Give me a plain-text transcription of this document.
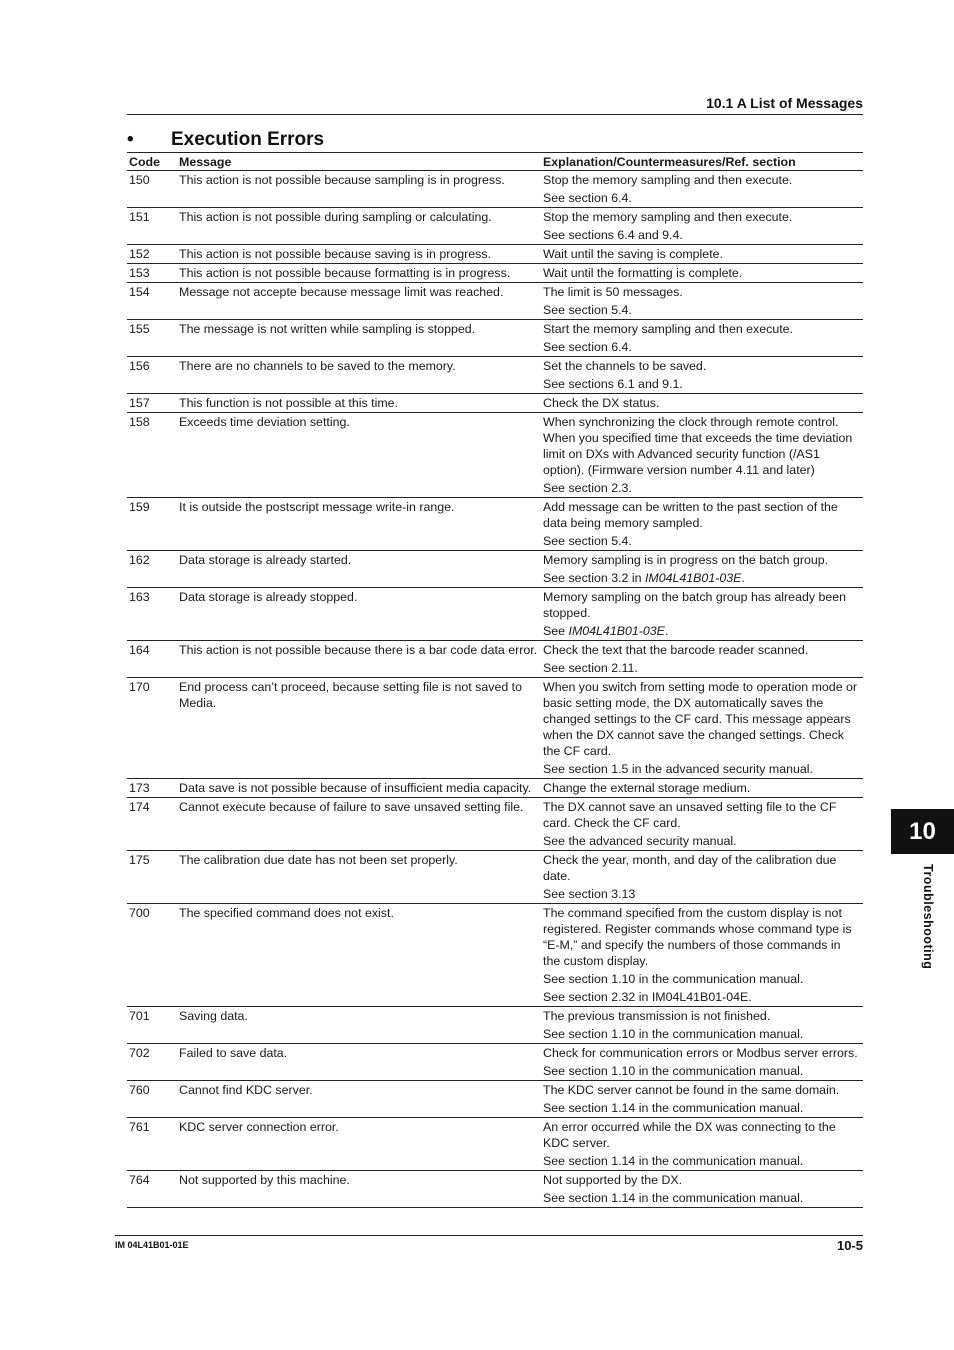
10.1 A List of Messages
• Execution Errors
Code	Message	Explanation/Countermeasures/Ref. section
150	This action is not possible because sampling is in progress.	Stop the memory sampling and then execute.
See section 6.4.

151	This action is not possible during sampling or calculating.	Stop the memory sampling and then execute.
See sections 6.4 and 9.4.

152	This action is not possible because saving is in progress.	Wait until the saving is complete.

153	This action is not possible because formatting is in progress.	Wait until the formatting is complete.

154	Message not accepte because message limit was reached.	The limit is 50 messages.
See section 5.4.

155	The message is not written while sampling is stopped.	Start the memory sampling and then execute.
See section 6.4.

156	There are no channels to be saved to the memory.	Set the channels to be saved.
See sections 6.1 and 9.1.

157	This function is not possible at this time.	Check the DX status.

158	Exceeds time deviation setting.	When synchronizing the clock through remote control. When you specified time that exceeds the time deviation limit on DXs with Advanced security function (/AS1 option). (Firmware version number 4.11 and later)
See section 2.3.

159	It is outside the postscript message write-in range.	Add message can be written to the past section of the data being memory sampled.
See section 5.4.

162	Data storage is already started.	Memory sampling is in progress on the batch group.
See section 3.2 in IM04L41B01-03E.

163	Data storage is already stopped.	Memory sampling on the batch group has already been stopped.
See IM04L41B01-03E.

164	This action is not possible because there is a bar code data error.	Check the text that the barcode reader scanned.
See section 2.11.

170	End process can’t proceed, because setting file is not saved to Media.	When you switch from setting mode to operation mode or basic setting mode, the DX automatically saves the changed settings to the CF card. This message appears when the DX cannot save the changed settings. Check the CF card.
See section 1.5 in the advanced security manual.

173	Data save is not possible because of insufficient media capacity.	Change the external storage medium.

174	Cannot execute because of failure to save unsaved setting file.	The DX cannot save an unsaved setting file to the CF card. Check the CF card.
See the advanced security manual.

175	The calibration due date has not been set properly.	Check the year, month, and day of the calibration due date.
See section 3.13

700	The specified command does not exist.	The command specified from the custom display is not registered. Register commands whose command type is “E-M,” and specify the numbers of those commands in the custom display.
See section 1.10 in the communication manual.
See section 2.32 in IM04L41B01-04E.

701	Saving data.	The previous transmission is not finished.
See section 1.10 in the communication manual.

702	Failed to save data.	Check for communication errors or Modbus server errors.
See section 1.10 in the communication manual.

760	Cannot find KDC server.	The KDC server cannot be found in the same domain.
See section 1.14 in the communication manual.

761	KDC server connection error.	An error occurred while the DX was connecting to the KDC server.
See section 1.14 in the communication manual.

764	Not supported by this machine.	Not supported by the DX.
See section 1.14 in the communication manual.
10
Troubleshooting
IM 04L41B01-01E	10-5
